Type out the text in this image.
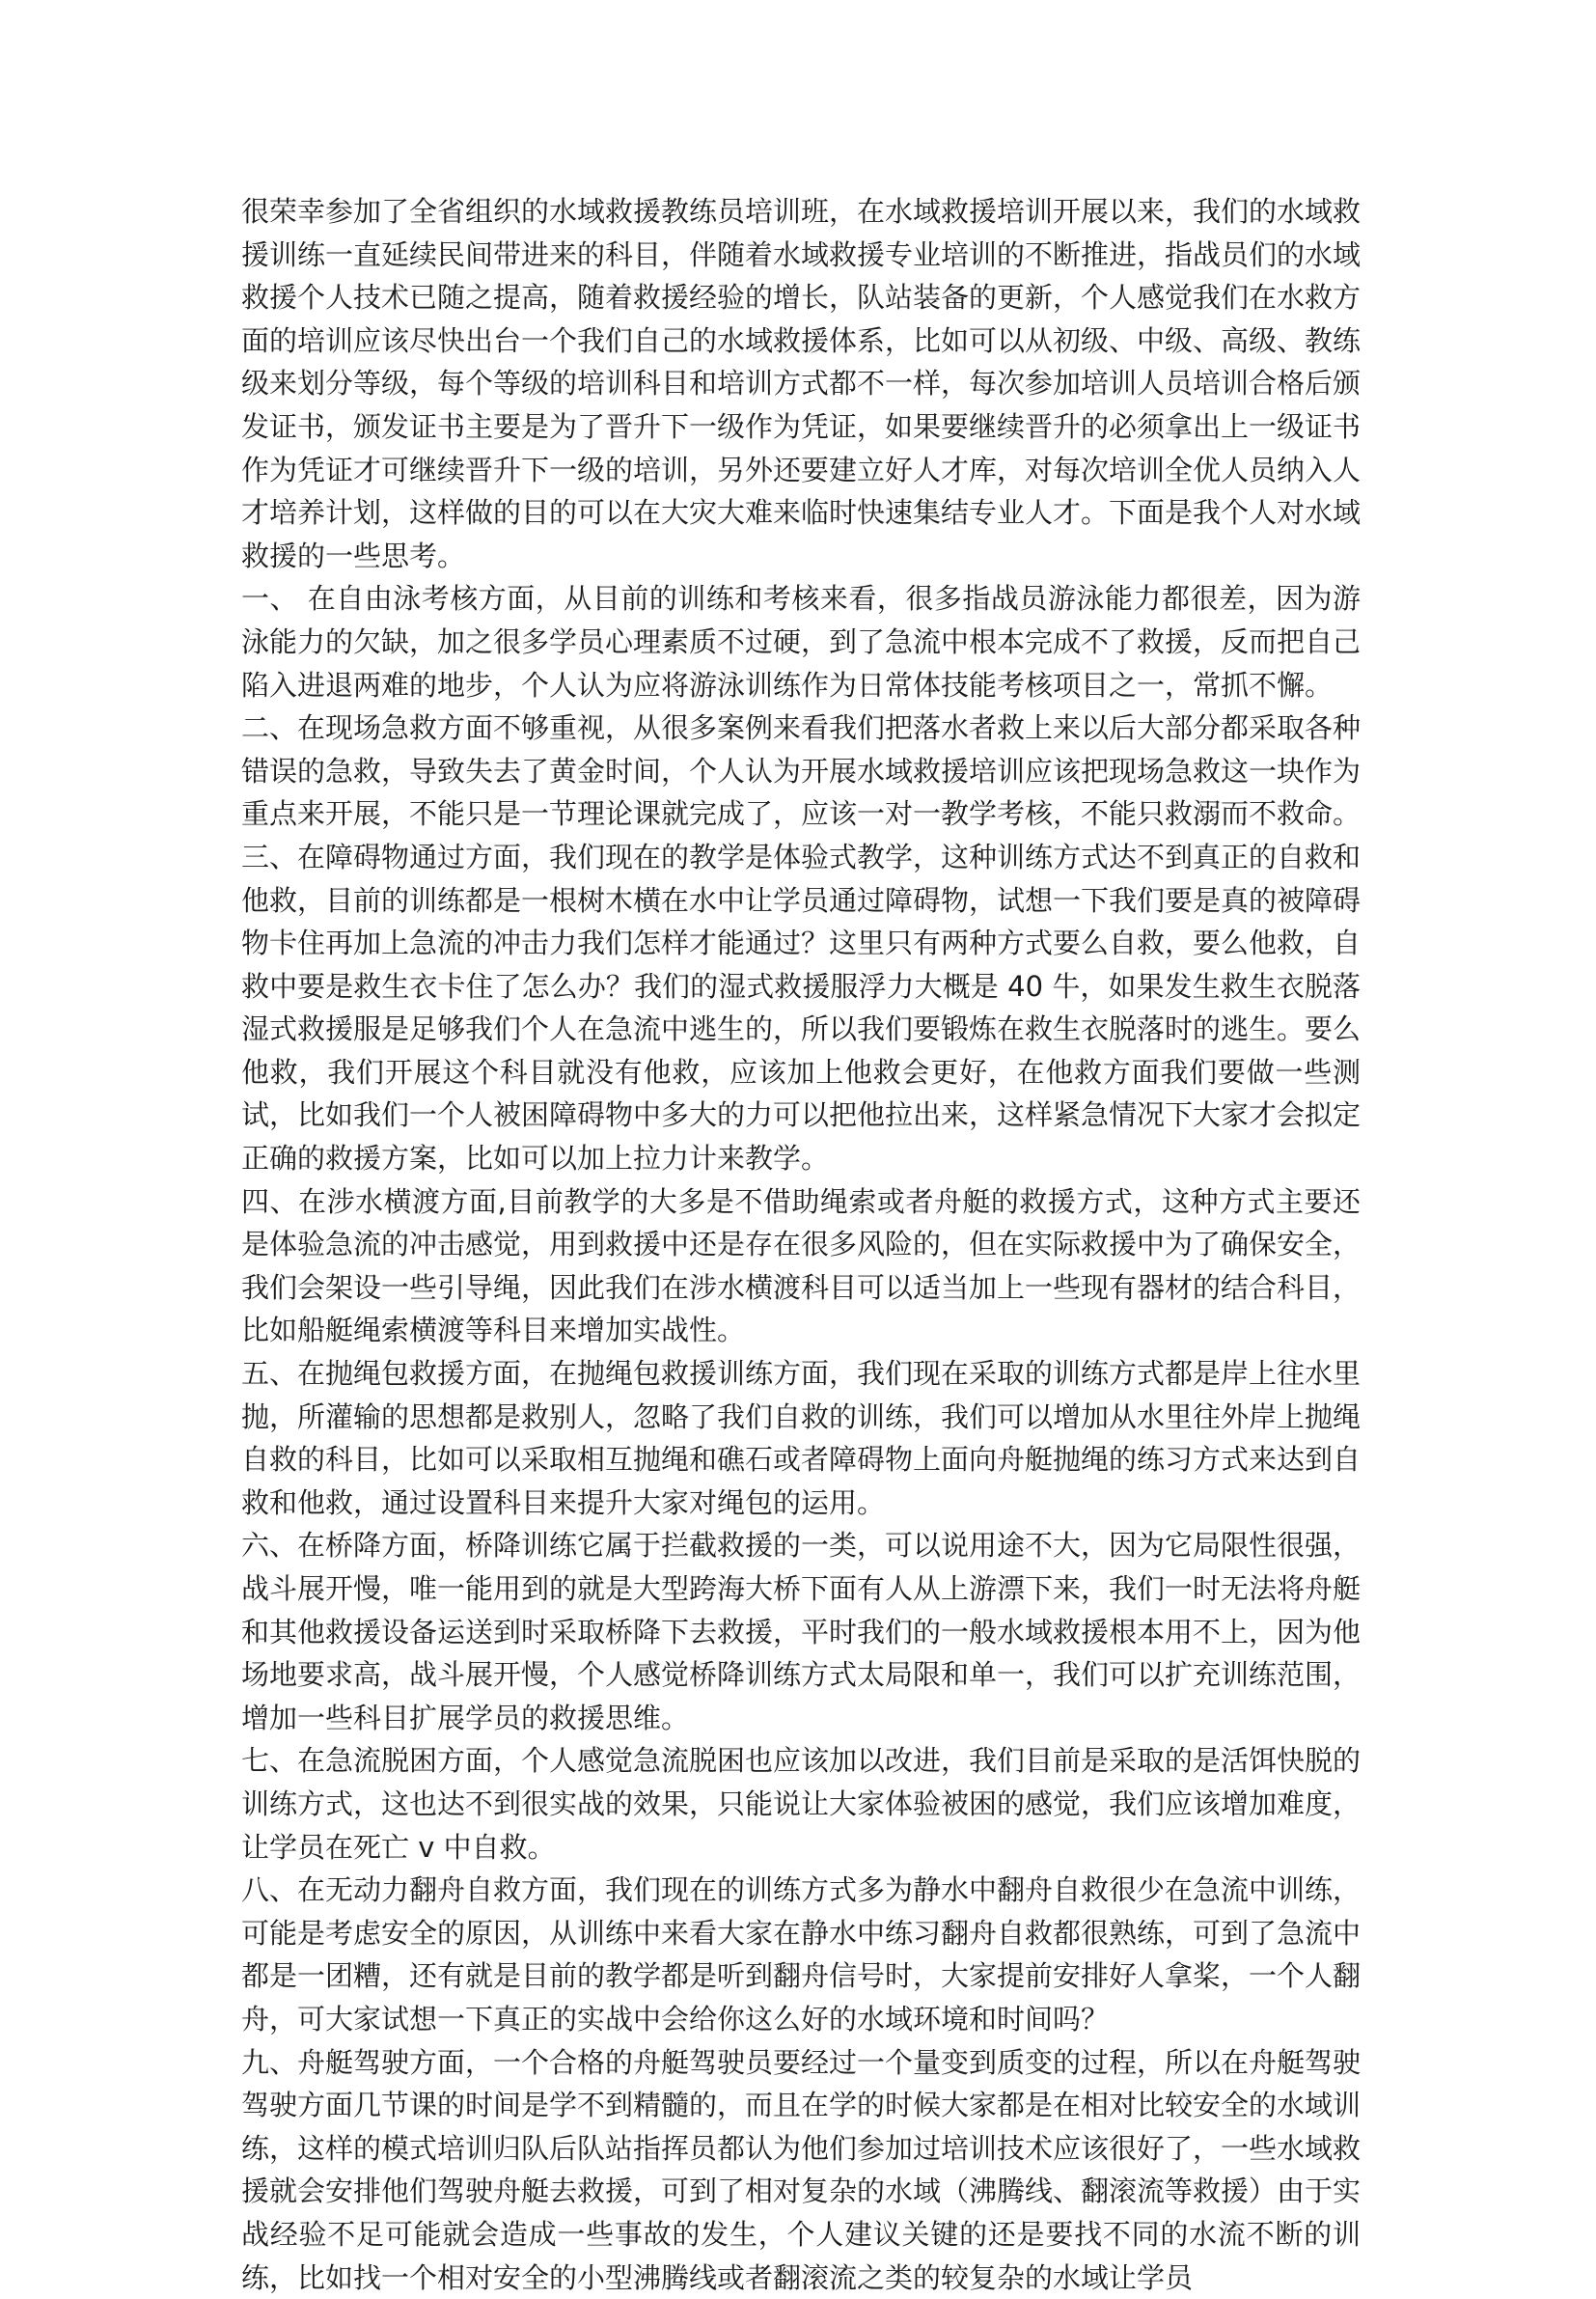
很荣幸参加了全省组织的水域救援教练员培训班，在水域救援培训开展以来，我们的水域救援训练一直延续民间带进来的科目，伴随着水域救援专业培训的不断推进，指战员们的水域救援个人技术已随之提高，随着救援经验的增长，队站装备的更新，个人感觉我们在水救方面的培训应该尽快出台一个我们自己的水域救援体系，比如可以从初级、中级、高级、教练级来划分等级，每个等级的培训科目和培训方式都不一样，每次参加培训人员培训合格后颁发证书，颁发证书主要是为了晋升下一级作为凭证，如果要继续晋升的必须拿出上一级证书作为凭证才可继续晋升下一级的培训，另外还要建立好人才库，对每次培训全优人员纳入人才培养计划，这样做的目的可以在大灾大难来临时快速集结专业人才。下面是我个人对水域救援的一些思考。

一、 在自由泳考核方面，从目前的训练和考核来看，很多指战员游泳能力都很差，因为游泳能力的欠缺，加之很多学员心理素质不过硬，到了急流中根本完成不了救援，反而把自己陷入进退两难的地步，个人认为应将游泳训练作为日常体技能考核项目之一，常抓不懈。

二、在现场急救方面不够重视，从很多案例来看我们把落水者救上来以后大部分都采取各种错误的急救，导致失去了黄金时间，个人认为开展水域救援培训应该把现场急救这一块作为重点来开展，不能只是一节理论课就完成了，应该一对一教学考核，不能只救溺而不救命。

三、在障碍物通过方面，我们现在的教学是体验式教学，这种训练方式达不到真正的自救和他救，目前的训练都是一根树木横在水中让学员通过障碍物，试想一下我们要是真的被障碍物卡住再加上急流的冲击力我们怎样才能通过？这里只有两种方式要么自救，要么他救，自救中要是救生衣卡住了怎么办？我们的湿式救援服浮力大概是 40 牛，如果发生救生衣脱落湿式救援服是足够我们个人在急流中逃生的，所以我们要锻炼在救生衣脱落时的逃生。要么他救，我们开展这个科目就没有他救，应该加上他救会更好，在他救方面我们要做一些测试，比如我们一个人被困障碍物中多大的力可以把他拉出来，这样紧急情况下大家才会拟定正确的救援方案，比如可以加上拉力计来教学。

四、在涉水横渡方面,目前教学的大多是不借助绳索或者舟艇的救援方式，这种方式主要还是体验急流的冲击感觉，用到救援中还是存在很多风险的，但在实际救援中为了确保安全，我们会架设一些引导绳，因此我们在涉水横渡科目可以适当加上一些现有器材的结合科目，比如船艇绳索横渡等科目来增加实战性。

五、在抛绳包救援方面，在抛绳包救援训练方面，我们现在采取的训练方式都是岸上往水里抛，所灌输的思想都是救别人，忽略了我们自救的训练，我们可以增加从水里往外岸上抛绳自救的科目，比如可以采取相互抛绳和礁石或者障碍物上面向舟艇抛绳的练习方式来达到自救和他救，通过设置科目来提升大家对绳包的运用。

六、在桥降方面，桥降训练它属于拦截救援的一类，可以说用途不大，因为它局限性很强，战斗展开慢，唯一能用到的就是大型跨海大桥下面有人从上游漂下来，我们一时无法将舟艇和其他救援设备运送到时采取桥降下去救援，平时我们的一般水域救援根本用不上，因为他场地要求高，战斗展开慢，个人感觉桥降训练方式太局限和单一，我们可以扩充训练范围，增加一些科目扩展学员的救援思维。

七、在急流脱困方面，个人感觉急流脱困也应该加以改进，我们目前是采取的是活饵快脱的训练方式，这也达不到很实战的效果，只能说让大家体验被困的感觉，我们应该增加难度，让学员在死亡 v 中自救。

八、在无动力翻舟自救方面，我们现在的训练方式多为静水中翻舟自救很少在急流中训练，可能是考虑安全的原因，从训练中来看大家在静水中练习翻舟自救都很熟练，可到了急流中都是一团糟，还有就是目前的教学都是听到翻舟信号时，大家提前安排好人拿桨，一个人翻舟，可大家试想一下真正的实战中会给你这么好的水域环境和时间吗？

九、舟艇驾驶方面，一个合格的舟艇驾驶员要经过一个量变到质变的过程，所以在舟艇驾驶驾驶方面几节课的时间是学不到精髓的，而且在学的时候大家都是在相对比较安全的水域训练，这样的模式培训归队后队站指挥员都认为他们参加过培训技术应该很好了，一些水域救援就会安排他们驾驶舟艇去救援，可到了相对复杂的水域（沸腾线、翻滚流等救援）由于实战经验不足可能就会造成一些事故的发生，个人建议关键的还是要找不同的水流不断的训练，比如找一个相对安全的小型沸腾线或者翻滚流之类的较复杂的水域让学员
